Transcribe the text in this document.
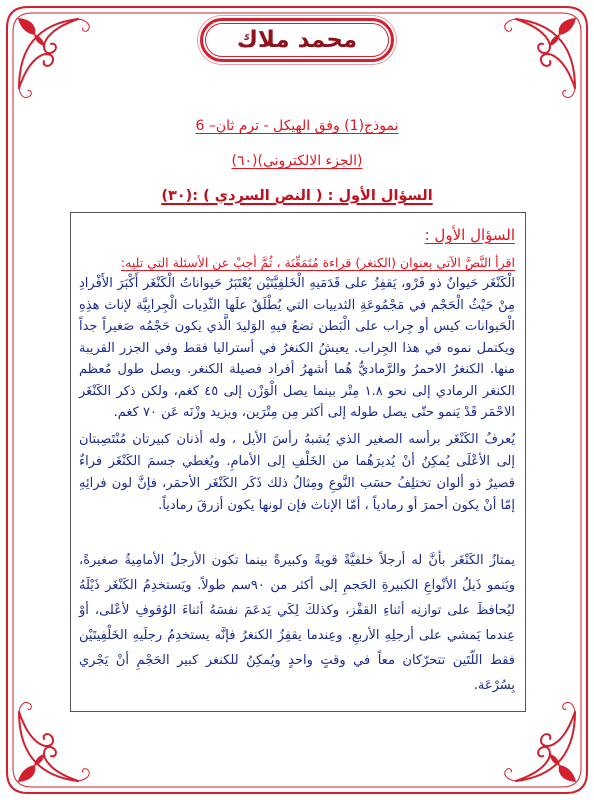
محمد ملاك
نموذج(1) وفق الهيكل - ترم ثان– 6
(الجزء الالكتروني)(٦٠)
السؤال الأول : ( النص السردي ) :(٣٠)
السؤال الأول :
اقرأ النَّصَّ الآتي بعنوان (الكنغر) قراءة مُتَمَعِّنَة ، ثُمَّ أجبْ عن الأسئلة التي تليه:
الْكَنْغَر حَيوانٌ ذو فَرْو، يَقفِزُ على قَدَمَيهِ الْخَلفِيَّتَيْن يُعْتَبَرُ حَيواناتُ الْكَنْغَر أَكْبَرَ الأَفْرادِ
مِنْ حَيْثُ الْحَجْم في مَجْمُوعَةِ الثدييات التي يُطْلَقُ علَها الثّدِيات الْجِرابِيَّة لإناث هذِهِ
الْحَيوانات كيس أو جِراب على الْبَطن تضعُ فيهِ الوَليدَ الَّذي يكون حَجْمُه صَغيراً جداً
ويكتمل نموه في هذا الجِراب. يعيشُ الكنغرُ في أستراليا فقط وفي الجزر القريبة
منها. الكنغرُ الاحمرُ والرَّماديُّ هُما أشهرُ أفراد فصيلة الكنغر. ويصل طول مُعظم
الكنغر الرمادي إلى نحو ١.٨ مِتْر بينما يصل الْوَزْن إلى ٤٥ كغم، ولكن ذكر الكَنْغَر
الاحْمَر قَدْ يَنمو حتّى يصل طوله إلى أكثر مِن مِتْرَين، ويزيد وزْنَه عَن ٧٠ كغم.
يُعرفُ الكَنْغَر برأسه الصغير الذي يُشبهُ رأسَ الأيل ، وله أذنان كبيرتان مُنْتَصِبتان
إلى الأعْلَى يُمكِنُ أنْ يُديرَهُما من الخَلْفِ إلى الأمامِ. ويُغطي جسمَ الكَنْغَر فراءٌ
قصيرٌ ذو ألوان تختلِفُ حسَب النَّوعِ ومِثالُ ذلك ذَكَر الكَنْغَر الأحمَر، فإنَّ لون فرائِهِ
إمّا أنْ يكون أحمرَ أو رمادياً ، أمّا الإناث فإن لونها يكون أزرقَ رمادياً.
يمتازُ الكَنْغَر بأنَّ له أرجلاً خلفيَّةً قويةً وكبيرةً بينما تكون الأرجلُ الأمامِيةُ صغيرةً،
ويَنمو ذَيلُ الأنْواعِ الكبيرةِ الحَجمِ إلى أكثر من ٩٠سم طولاً. ويَستخدِمُ الكَنْغَر ذَيْلَهُ
ليُحافظَ على توازنِه أثناءِ القفْز، وكذلكَ لِكَي يَدعَمَ نفسَهُ أثناءَ الوُقوفِ لأعْلى، أوْ
عِندما يَمشي على أرجلِهِ الأربعِ. وعِندما يقفِزُ الكنغرُ فإنَّه يستخدِمُ رجلَيهِ الخَلْفِيتَيْن
فقط اللّتَين تتحرّكان معاً في وقتٍ واحدٍ ويُمكِنُ للكنغر كبير الحَجْمِ أنْ يَجْري
بِسُرْعَة.
